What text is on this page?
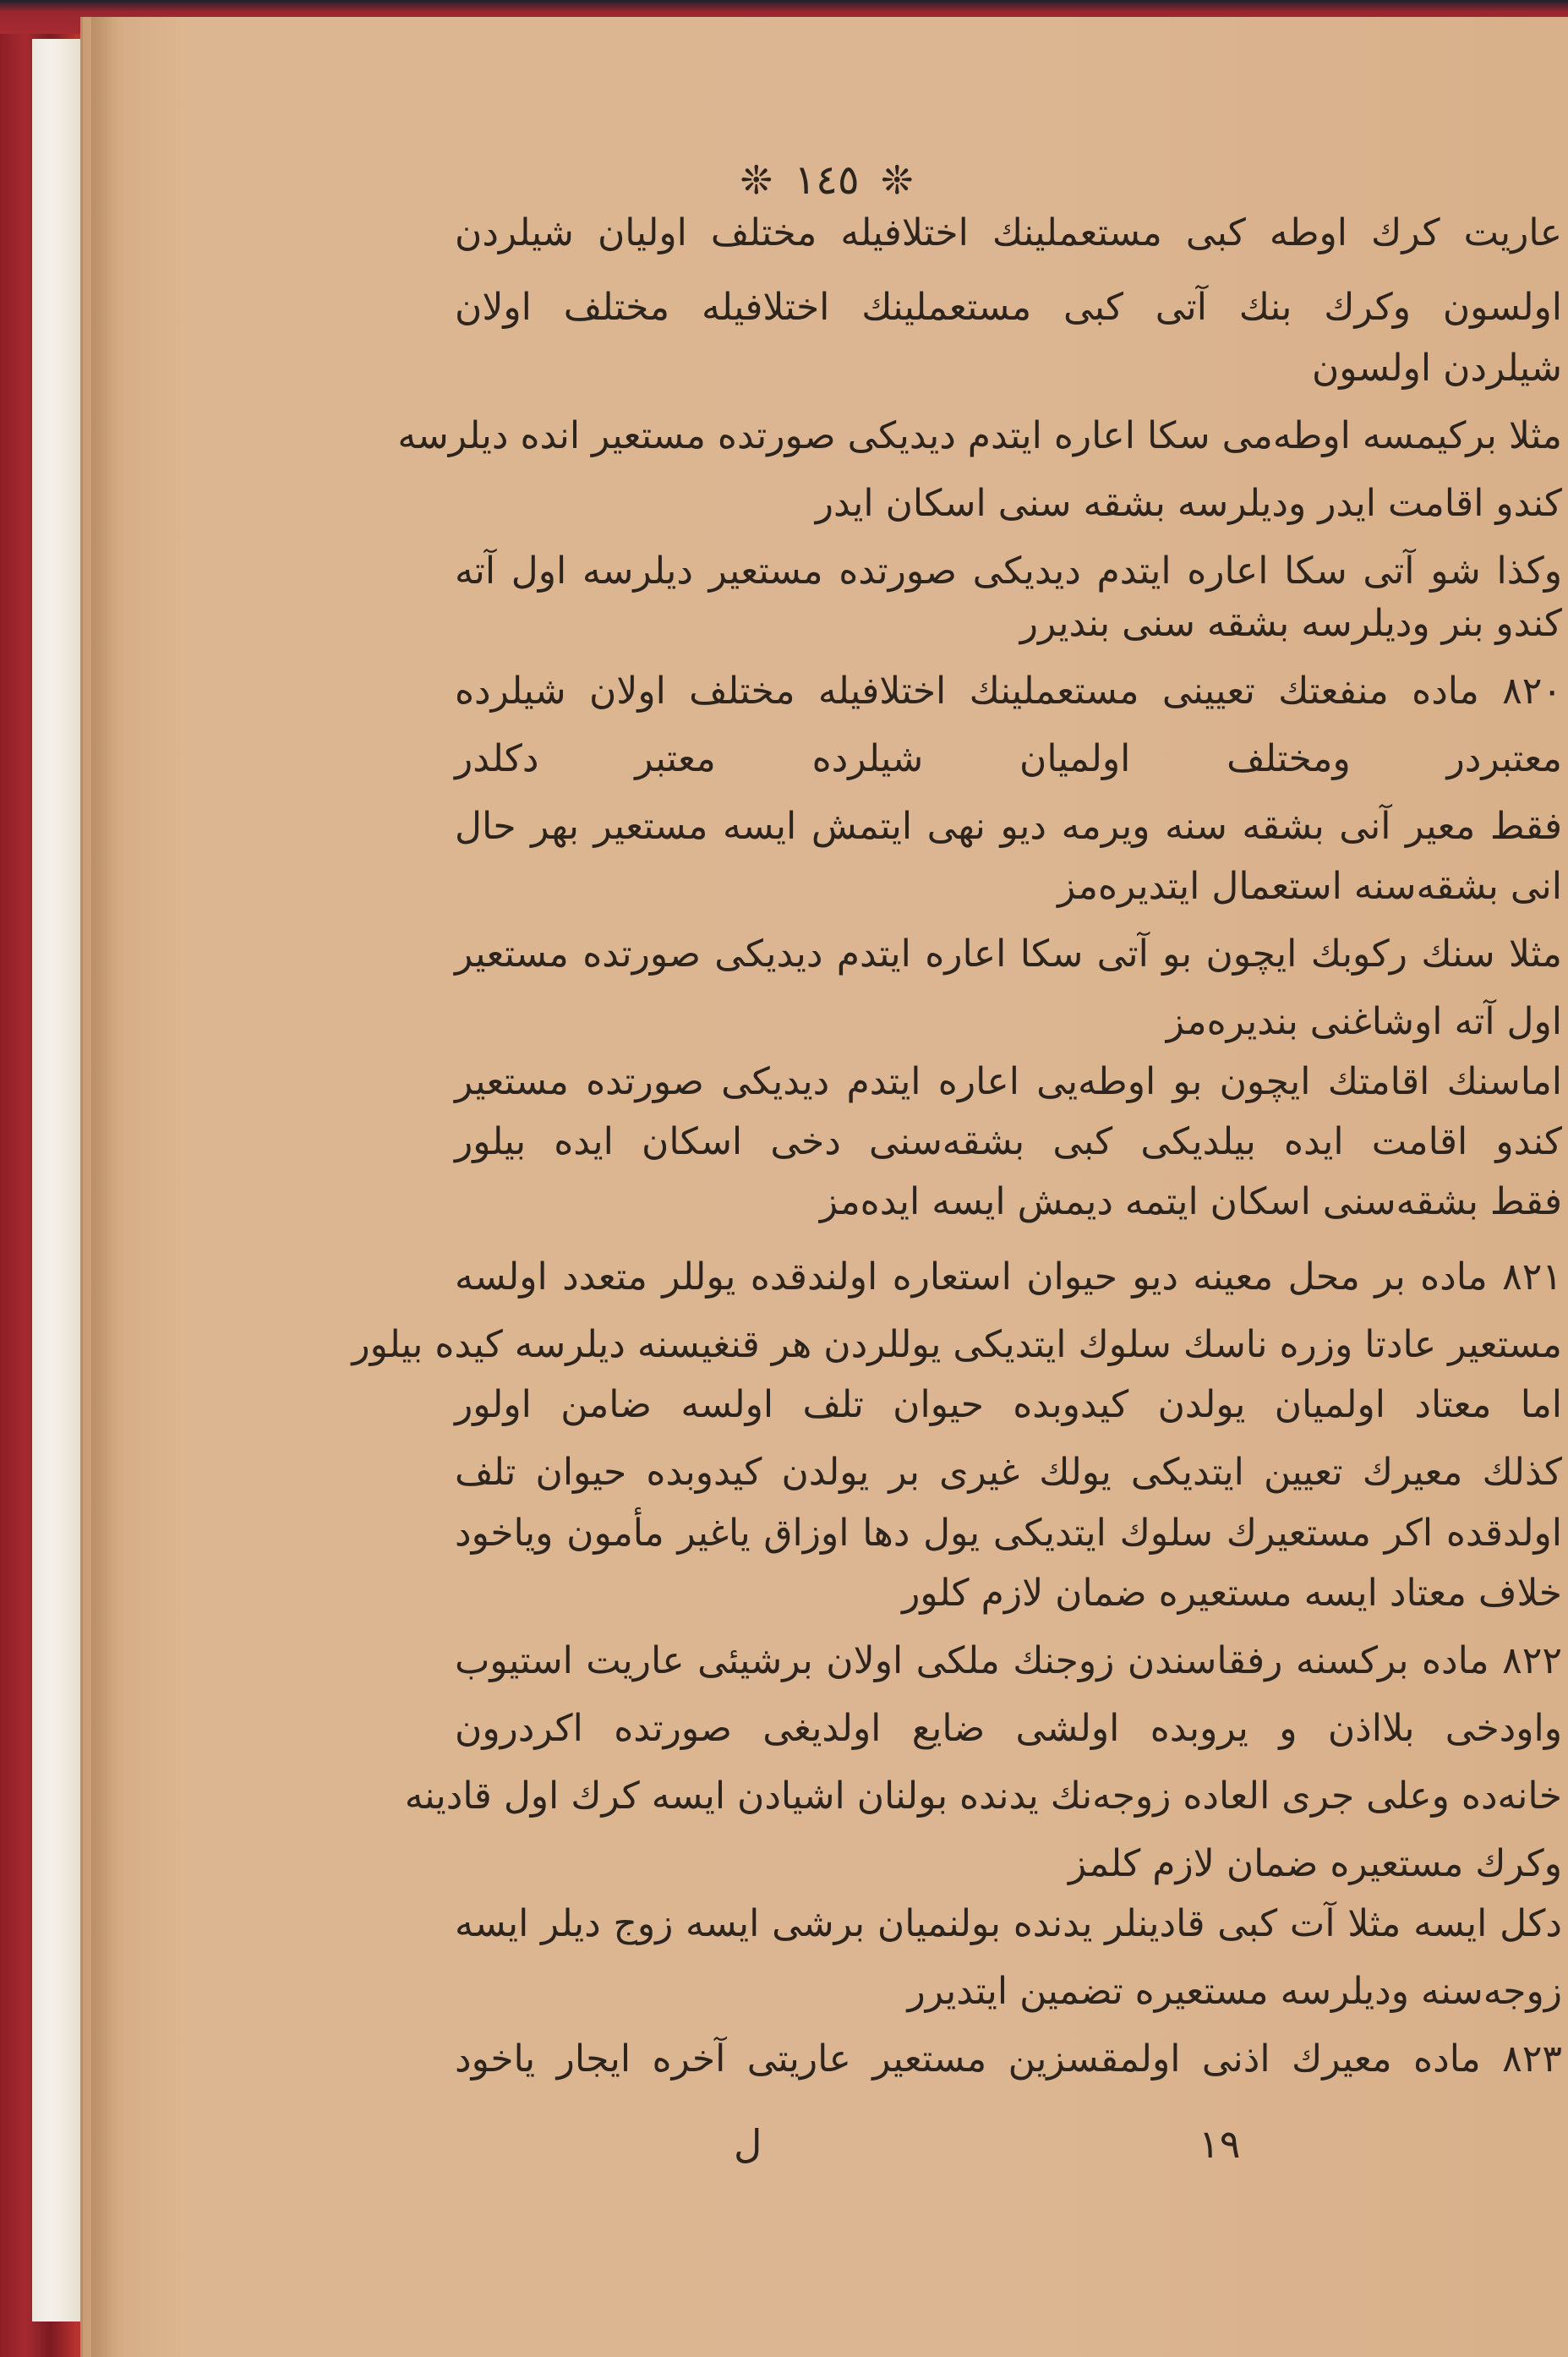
❊ ١٤٥ ❊
عاریت كرك اوطه كبی مستعملینك اختلافیله مختلف اولیان شیلردن
اولسون وكرك بنك آتی كبی مستعملینك اختلافیله مختلف اولان
شیلردن اولسون
مثلا بركیمسه اوطه‌می سكا اعاره ایتدم دیدیكی صورتده مستعیر انده دیلرسه
كندو اقامت ایدر ودیلرسه بشقه سنی اسكان ایدر
وكذا شو آتی سكا اعاره ایتدم دیدیكی صورتده مستعیر دیلرسه اول آته
كندو بنر ودیلرسه بشقه سنی بندیرر
٨٢٠ ماده منفعتك تعیینی مستعملینك اختلافیله مختلف اولان شیلرده
معتبردر ومختلف اولمیان شیلرده معتبر دكلدر
فقط معیر آنی بشقه سنه ویرمه دیو نهی ایتمش ایسه مستعیر بهر حال
انی بشقه‌سنه استعمال ایتدیره‌مز
مثلا سنك ركوبك ایچون بو آتی سكا اعاره ایتدم دیدیكی صورتده مستعیر
اول آته اوشاغنی بندیره‌مز
اماسنك اقامتك ایچون بو اوطه‌یی اعاره ایتدم دیدیكی صورتده مستعیر
كندو اقامت ایده بیلدیكی كبی بشقه‌سنی دخی اسكان ایده بیلور
فقط بشقه‌سنی اسكان ایتمه دیمش ایسه ایده‌مز
٨٢١ ماده بر محل معینه دیو حیوان استعاره اولندقده یوللر متعدد اولسه
مستعیر عادتا وزره ناسك سلوك ایتدیكی یوللردن هر قنغیسنه دیلرسه كیده بیلور
اما معتاد اولمیان یولدن كیدوبده حیوان تلف اولسه ضامن اولور
كذلك معیرك تعیین ایتدیكی یولك غیری بر یولدن كیدوبده حیوان تلف
اولدقده اكر مستعیرك سلوك ایتدیكی یول دها اوزاق یاغیر مأمون ویاخود
خلاف معتاد ایسه مستعیره ضمان لازم كلور
٨٢٢ ماده بركسنه رفقاسندن زوجنك ملكی اولان برشیئی عاریت استیوب
واودخی بلااذن و یروبده اولشی ضایع اولدیغی صورتده اكردرون
خانه‌ده وعلی جری العاده زوجه‌نك یدنده بولنان اشیادن ایسه كرك اول قادینه
وكرك مستعیره ضمان لازم كلمز
دكل ایسه مثلا آت كبی قادینلر یدنده بولنمیان برشی ایسه زوج دیلر ایسه
زوجه‌سنه ودیلرسه مستعیره تضمین ایتدیرر
٨٢٣ ماده معیرك اذنی اولمقسزین مستعیر عاریتی آخره ایجار یاخود
ل	١٩
